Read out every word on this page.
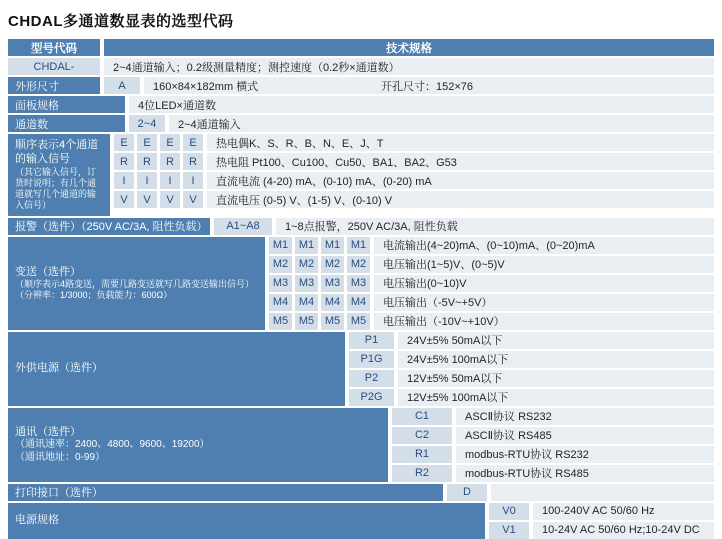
CHDAL多通道数显表的选型代码
型号代码	技术规格
CHDAL-	2~4通道输入；0.2级测量精度；测控速度（0.2秒×通道数）
外形尺寸	A	160×84×182mm 横式	开孔尺寸：152×76
面板规格	4位LED×通道数
通道数	2~4	2~4通道输入
顺序表示4个通道
的输入信号
（其它输入信号，订货时说明；有几个通道就写几个通道的输入信号）
E	E	E	E	热电偶K、S、R、B、N、E、J、T
R	R	R	R	热电阻 Pt100、Cu100、Cu50、BA1、BA2、G53
I	I	I	I	直流电流 (4-20) mA、(0-10) mA、(0-20) mA
V	V	V	V	直流电压 (0-5) V、(1-5) V、(0-10) V
报警（选件）（250V AC/3A, 阻性负载）	A1~A8	1~8点报警，250V AC/3A, 阻性负载
变送（选件）
（顺序表示4路变送，需要几路变送就写几路变送输出信号）
（分辨率：1/3000；负载能力：600Ω）
M1 M1 M1 M1	电流输出(4~20)mA、(0~10)mA、(0~20)mA
M2 M2 M2 M2	电压输出(1~5)V、(0~5)V
M3 M3 M3 M3	电压输出(0~10)V
M4 M4 M4 M4	电压输出（-5V~+5V）
M5 M5 M5 M5	电压输出（-10V~+10V）
外供电源（选件）
P1	24V±5% 50mA以下
P1G	24V±5% 100mA以下
P2	12V±5% 50mA以下
P2G	12V±5% 100mA以下
通讯（选件）
（通讯速率：2400、4800、9600、19200）
（通讯地址：0-99）
C1	ASCⅡ协议 RS232
C2	ASCⅡ协议 RS485
R1	modbus-RTU协议 RS232
R2	modbus-RTU协议 RS485
打印接口（选件）	D
电源规格
V0	100-240V AC 50/60 Hz
V1	10-24V AC 50/60 Hz;10-24V DC
